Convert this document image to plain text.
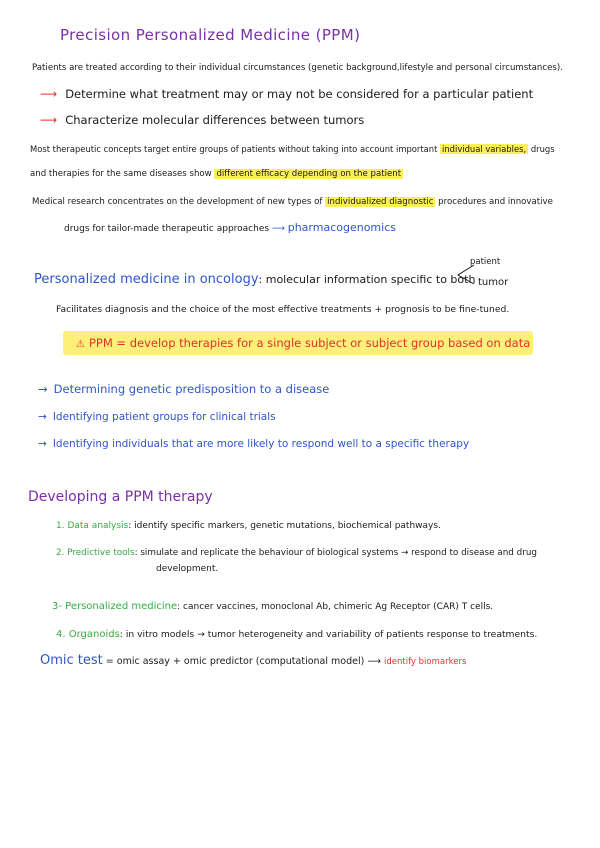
Precision Personalized Medicine (PPM)
Patients are treated according to their individual circumstances (genetic background,lifestyle and personal circumstances).
⟶ Determine what treatment may or may not be considered for a particular patient
⟶ Characterize molecular differences between tumors
Most therapeutic concepts target entire groups of patients without taking into account important individual variables, drugs
and therapies for the same diseases show different efficacy depending on the patient
Medical research concentrates on the development of new types of individualized diagnostic procedures and innovative
drugs for tailor-made therapeutic approaches ⟶ pharmacogenomics
Personalized medicine in oncology: molecular information specific to both
patient
tumor
Facilitates diagnosis and the choice of the most effective treatments + prognosis to be fine-tuned.
⚠ PPM = develop therapies for a single subject or subject group based on data
→ Determining genetic predisposition to a disease
→ Identifying patient groups for clinical trials
→ Identifying individuals that are more likely to respond well to a specific therapy
Developing a PPM therapy
1. Data analysis: identify specific markers, genetic mutations, biochemical pathways.
2. Predictive tools: simulate and replicate the behaviour of biological systems → respond to disease and drug
development.
3- Personalized medicine: cancer vaccines, monoclonal Ab, chimeric Ag Receptor (CAR) T cells.
4. Organoids: in vitro models → tumor heterogeneity and variability of patients response to treatments.
Omic test = omic assay + omic predictor (computational model) ⟶ identify biomarkers
